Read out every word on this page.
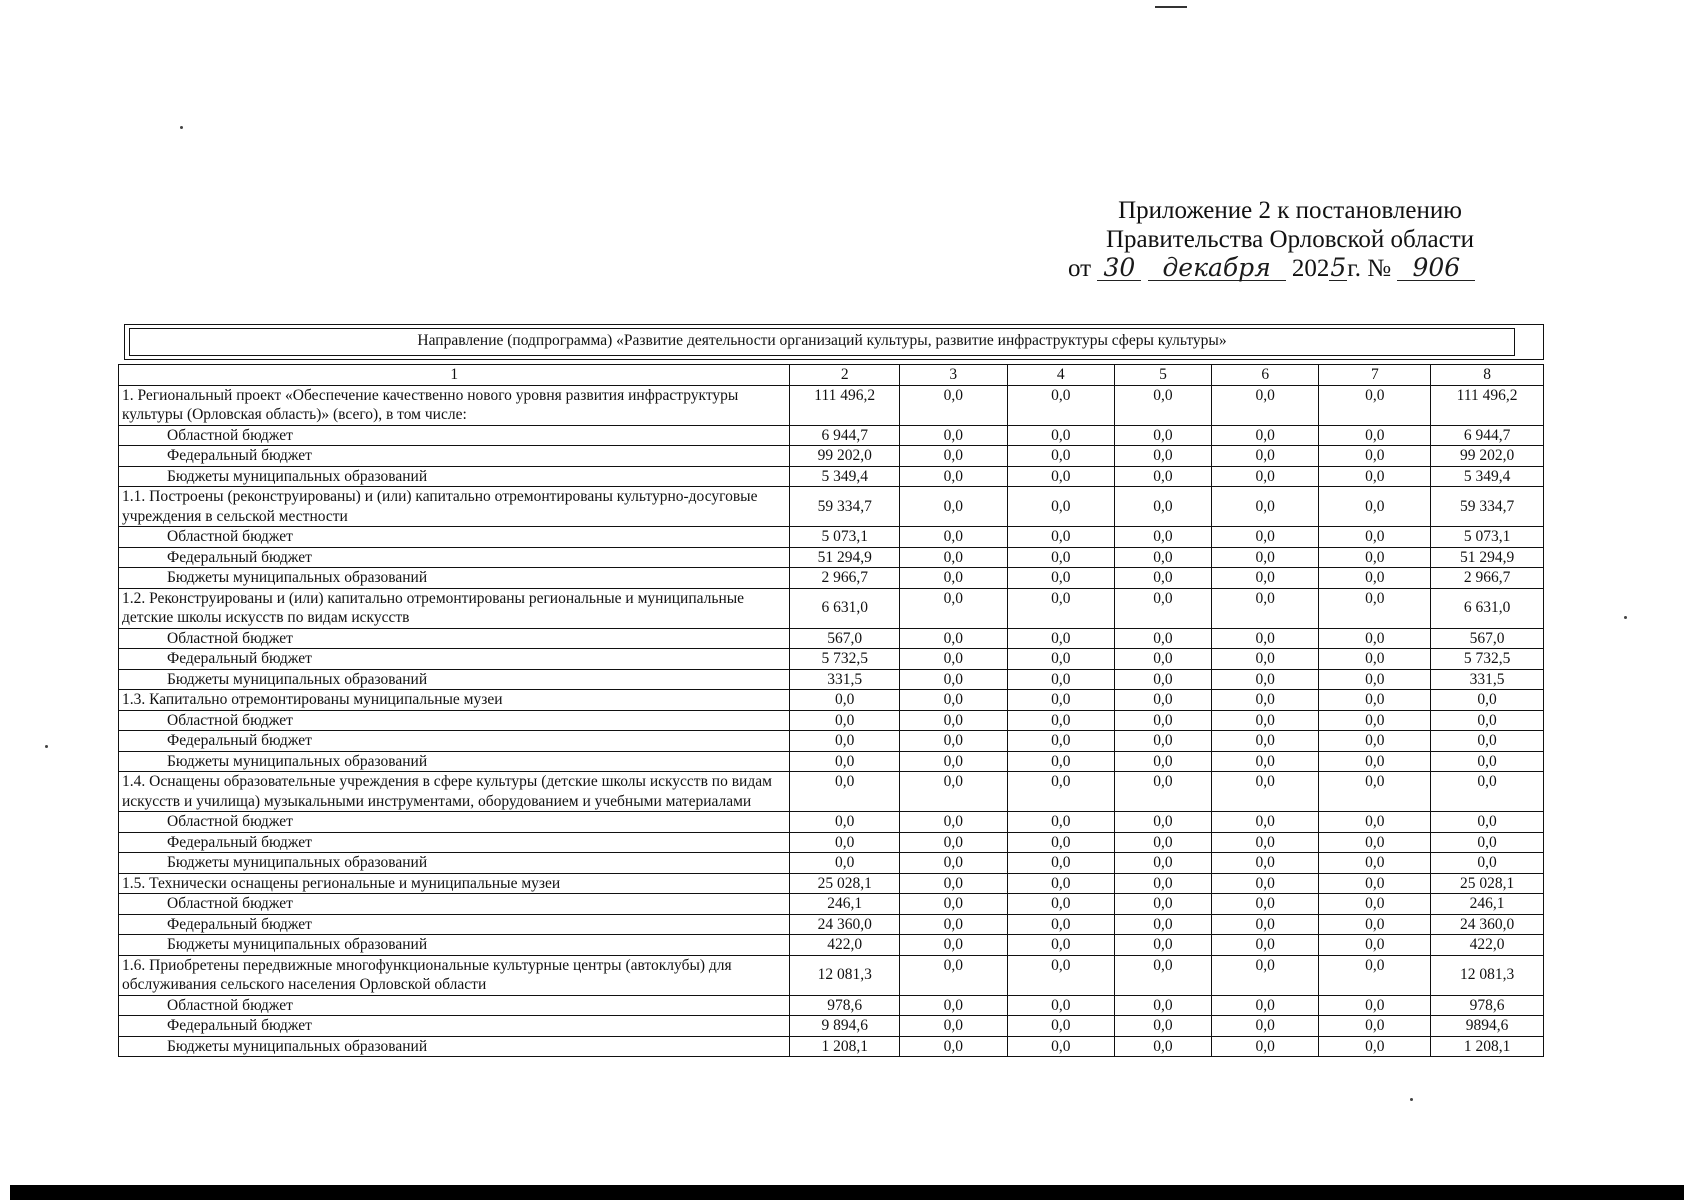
Приложение 2 к постановлению
Правительства Орловской области
от 30 декабря 2025г. № 906
Направление (подпрограмма) «Развитие деятельности организаций культуры, развитие инфраструктуры сферы культуры»
1	2	3	4	5	6	7	8
1. Региональный проект «Обеспечение качественно нового уровня развития инфраструктуры культуры (Орловская область)» (всего), в том числе:	111 496,2	0,0	0,0	0,0	0,0	0,0	111 496,2
Областной бюджет	6 944,7	0,0	0,0	0,0	0,0	0,0	6 944,7
Федеральный бюджет	99 202,0	0,0	0,0	0,0	0,0	0,0	99 202,0
Бюджеты муниципальных образований	5 349,4	0,0	0,0	0,0	0,0	0,0	5 349,4
1.1. Построены (реконструированы) и (или) капитально отремонтированы культурно-досуговые учреждения в сельской местности	59 334,7	0,0	0,0	0,0	0,0	0,0	59 334,7
Областной бюджет	5 073,1	0,0	0,0	0,0	0,0	0,0	5 073,1
Федеральный бюджет	51 294,9	0,0	0,0	0,0	0,0	0,0	51 294,9
Бюджеты муниципальных образований	2 966,7	0,0	0,0	0,0	0,0	0,0	2 966,7
1.2. Реконструированы и (или) капитально отремонтированы региональные и муниципальные детские школы искусств по видам искусств	6 631,0	0,0	0,0	0,0	0,0	0,0	6 631,0
Областной бюджет	567,0	0,0	0,0	0,0	0,0	0,0	567,0
Федеральный бюджет	5 732,5	0,0	0,0	0,0	0,0	0,0	5 732,5
Бюджеты муниципальных образований	331,5	0,0	0,0	0,0	0,0	0,0	331,5
1.3. Капитально отремонтированы муниципальные музеи	0,0	0,0	0,0	0,0	0,0	0,0	0,0
Областной бюджет	0,0	0,0	0,0	0,0	0,0	0,0	0,0
Федеральный бюджет	0,0	0,0	0,0	0,0	0,0	0,0	0,0
Бюджеты муниципальных образований	0,0	0,0	0,0	0,0	0,0	0,0	0,0
1.4. Оснащены образовательные учреждения в сфере культуры (детские школы искусств по видам искусств и училища) музыкальными инструментами, оборудованием и учебными материалами	0,0	0,0	0,0	0,0	0,0	0,0	0,0
Областной бюджет	0,0	0,0	0,0	0,0	0,0	0,0	0,0
Федеральный бюджет	0,0	0,0	0,0	0,0	0,0	0,0	0,0
Бюджеты муниципальных образований	0,0	0,0	0,0	0,0	0,0	0,0	0,0
1.5. Технически оснащены региональные и муниципальные музеи	25 028,1	0,0	0,0	0,0	0,0	0,0	25 028,1
Областной бюджет	246,1	0,0	0,0	0,0	0,0	0,0	246,1
Федеральный бюджет	24 360,0	0,0	0,0	0,0	0,0	0,0	24 360,0
Бюджеты муниципальных образований	422,0	0,0	0,0	0,0	0,0	0,0	422,0
1.6. Приобретены передвижные многофункциональные культурные центры (автоклубы) для обслуживания сельского населения Орловской области	12 081,3	0,0	0,0	0,0	0,0	0,0	12 081,3
Областной бюджет	978,6	0,0	0,0	0,0	0,0	0,0	978,6
Федеральный бюджет	9 894,6	0,0	0,0	0,0	0,0	0,0	9894,6
Бюджеты муниципальных образований	1 208,1	0,0	0,0	0,0	0,0	0,0	1 208,1
